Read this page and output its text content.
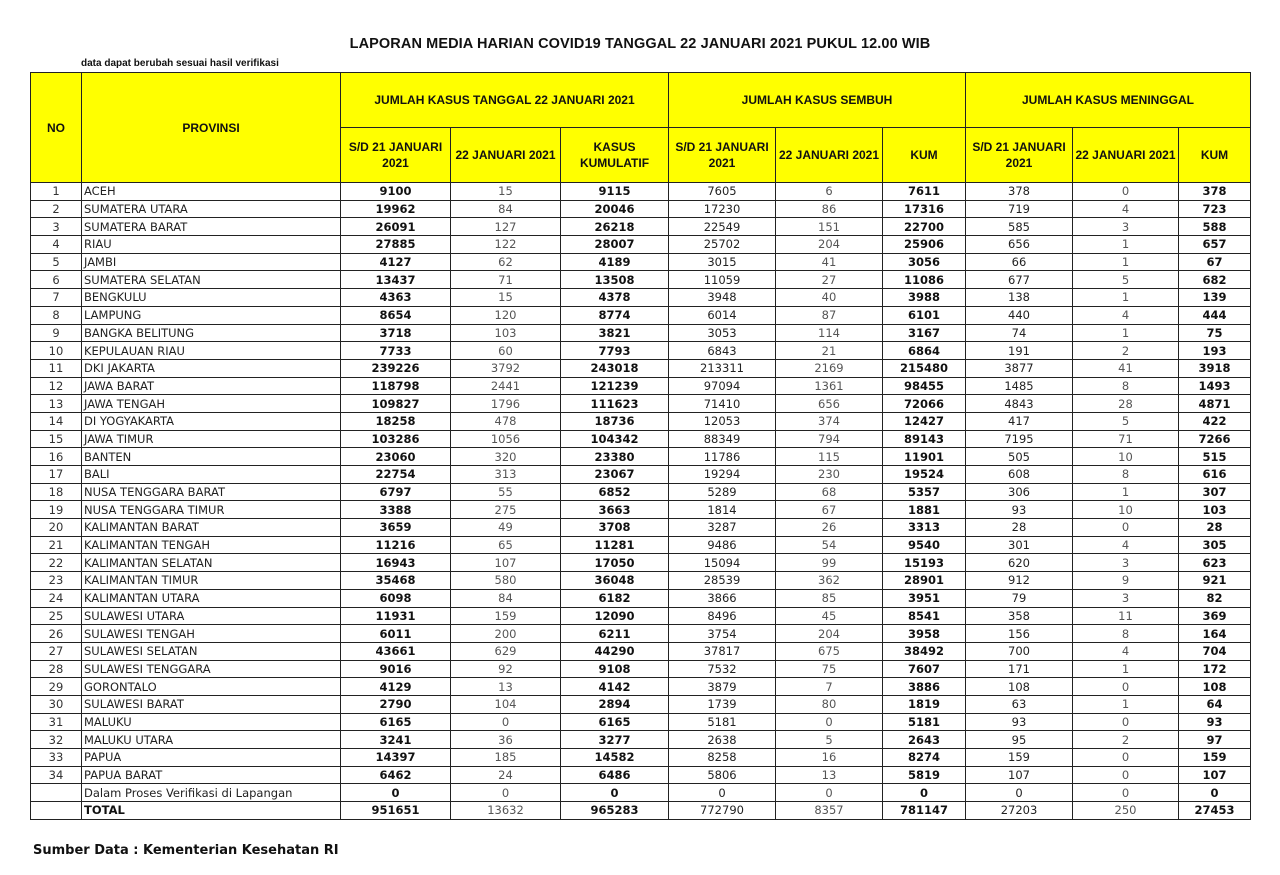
LAPORAN MEDIA HARIAN COVID19 TANGGAL 22 JANUARI 2021 PUKUL 12.00 WIB
data dapat berubah sesuai hasil verifikasi
NO	PROVINSI	JUMLAH KASUS TANGGAL 22 JANUARI 2021			JUMLAH KASUS SEMBUH			JUMLAH KASUS MENINGGAL		
		S/D 21 JANUARI 2021	22 JANUARI 2021	KASUS KUMULATIF	S/D 21 JANUARI 2021	22 JANUARI 2021	KUM	S/D 21 JANUARI 2021	22 JANUARI 2021	KUM
1	ACEH	9100	15	9115	7605	6	7611	378	0	378
2	SUMATERA UTARA	19962	84	20046	17230	86	17316	719	4	723
3	SUMATERA BARAT	26091	127	26218	22549	151	22700	585	3	588
4	RIAU	27885	122	28007	25702	204	25906	656	1	657
5	JAMBI	4127	62	4189	3015	41	3056	66	1	67
6	SUMATERA SELATAN	13437	71	13508	11059	27	11086	677	5	682
7	BENGKULU	4363	15	4378	3948	40	3988	138	1	139
8	LAMPUNG	8654	120	8774	6014	87	6101	440	4	444
9	BANGKA BELITUNG	3718	103	3821	3053	114	3167	74	1	75
10	KEPULAUAN RIAU	7733	60	7793	6843	21	6864	191	2	193
11	DKI JAKARTA	239226	3792	243018	213311	2169	215480	3877	41	3918
12	JAWA BARAT	118798	2441	121239	97094	1361	98455	1485	8	1493
13	JAWA TENGAH	109827	1796	111623	71410	656	72066	4843	28	4871
14	DI YOGYAKARTA	18258	478	18736	12053	374	12427	417	5	422
15	JAWA TIMUR	103286	1056	104342	88349	794	89143	7195	71	7266
16	BANTEN	23060	320	23380	11786	115	11901	505	10	515
17	BALI	22754	313	23067	19294	230	19524	608	8	616
18	NUSA TENGGARA BARAT	6797	55	6852	5289	68	5357	306	1	307
19	NUSA TENGGARA TIMUR	3388	275	3663	1814	67	1881	93	10	103
20	KALIMANTAN BARAT	3659	49	3708	3287	26	3313	28	0	28
21	KALIMANTAN TENGAH	11216	65	11281	9486	54	9540	301	4	305
22	KALIMANTAN SELATAN	16943	107	17050	15094	99	15193	620	3	623
23	KALIMANTAN TIMUR	35468	580	36048	28539	362	28901	912	9	921
24	KALIMANTAN UTARA	6098	84	6182	3866	85	3951	79	3	82
25	SULAWESI UTARA	11931	159	12090	8496	45	8541	358	11	369
26	SULAWESI TENGAH	6011	200	6211	3754	204	3958	156	8	164
27	SULAWESI SELATAN	43661	629	44290	37817	675	38492	700	4	704
28	SULAWESI TENGGARA	9016	92	9108	7532	75	7607	171	1	172
29	GORONTALO	4129	13	4142	3879	7	3886	108	0	108
30	SULAWESI BARAT	2790	104	2894	1739	80	1819	63	1	64
31	MALUKU	6165	0	6165	5181	0	5181	93	0	93
32	MALUKU UTARA	3241	36	3277	2638	5	2643	95	2	97
33	PAPUA	14397	185	14582	8258	16	8274	159	0	159
34	PAPUA BARAT	6462	24	6486	5806	13	5819	107	0	107
	Dalam Proses Verifikasi di Lapangan	0	0	0	0	0	0	0	0	0
	TOTAL	951651	13632	965283	772790	8357	781147	27203	250	27453
Sumber Data : Kementerian Kesehatan RI
